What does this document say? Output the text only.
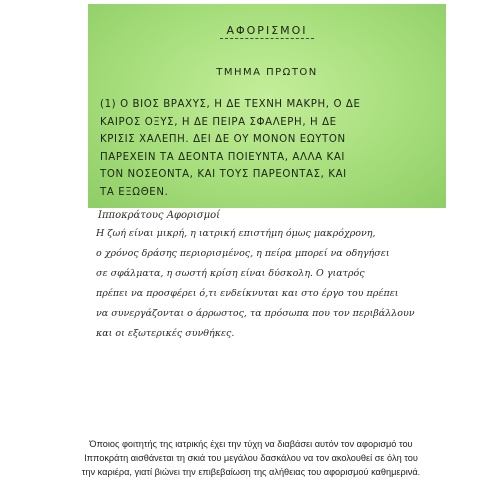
ΑΦΟΡΙΣΜΟΙ
ΤΜΗΜΑ ΠΡΩΤΟΝ
(1) Ο ΒΙΟΣ ΒΡΑΧΥΣ, Η ΔΕ ΤΕΧΝΗ ΜΑΚΡΗ, Ο ΔΕ
ΚΑΙΡΟΣ ΟΞΥΣ, Η ΔΕ ΠΕΙΡΑ ΣΦΑΛΕΡΗ, Η ΔΕ
ΚΡΙΣΙΣ ΧΑΛΕΠΗ. ΔΕΙ ΔΕ ΟΥ ΜΟΝΟΝ ΕΩΥΤΟΝ
ΠΑΡΕΧΕΙΝ ΤΑ ΔΕΟΝΤΑ ΠΟΙΕΥΝΤΑ, ΑΛΛΑ ΚΑΙ
ΤΟΝ ΝΟΣΕΟΝΤΑ, ΚΑΙ ΤΟΥΣ ΠΑΡΕΟΝΤΑΣ, ΚΑΙ
ΤΑ ΕΞΩΘΕΝ.
Ιπποκράτους Αφορισμοί
Η ζωή είναι μικρή, η ιατρική επιστήμη όμως μακρόχρονη,
ο χρόνος δράσης περιορισμένος, η πείρα μπορεί να οδηγήσει
σε σφάλματα, η σωστή κρίση είναι δύσκολη. Ο γιατρός
πρέπει να προσφέρει ό,τι ενδείκνυται και στο έργο του πρέπει
να συνεργάζονται ο άρρωστος, τα πρόσωπα που τον περιβάλλουν
και οι εξωτερικές συνθήκες.
Όποιος φοιτητής της ιατρικής έχει την τύχη να διαβάσει αυτόν τον αφορισμό του
Ιπποκράτη αισθάνεται τη σκιά του μεγάλου δασκάλου να τον ακολουθεί σε όλη του
την καριέρα, γιατί βιώνει την επιβεβαίωση της αλήθειας του αφορισμού καθημερινά.
